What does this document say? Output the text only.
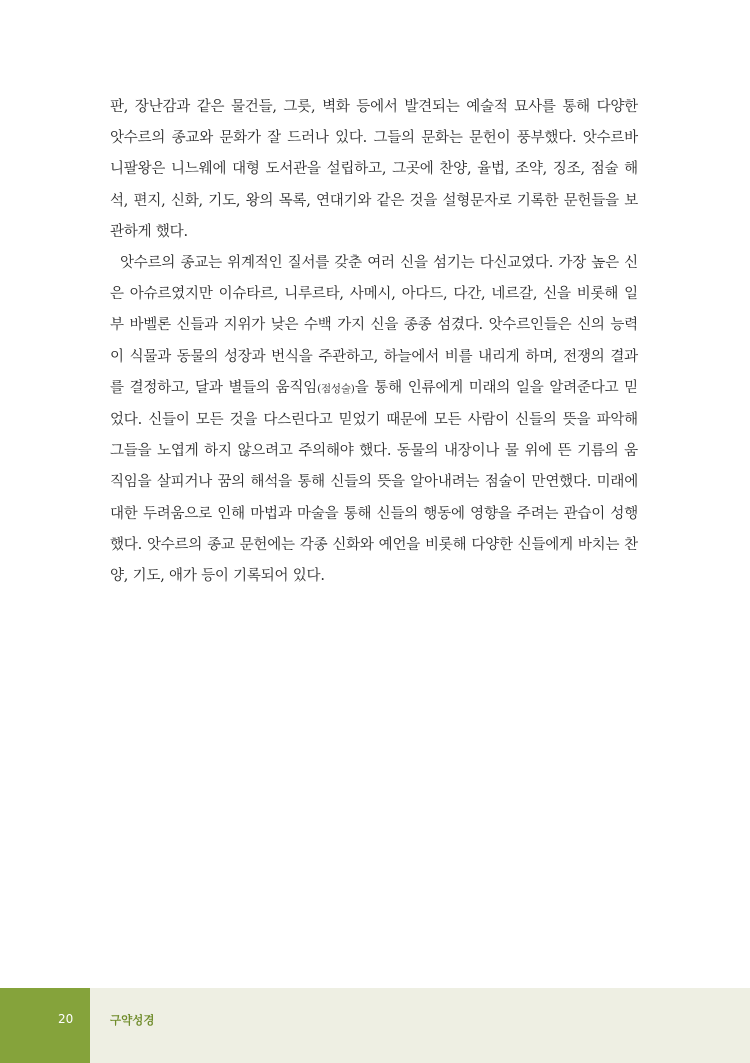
판, 장난감과 같은 물건들, 그릇, 벽화 등에서 발견되는 예술적 묘사를 통해 다양한
앗수르의 종교와 문화가 잘 드러나 있다. 그들의 문화는 문헌이 풍부했다. 앗수르바
니팔왕은 니느웨에 대형 도서관을 설립하고, 그곳에 찬양, 율법, 조약, 징조, 점술 해
석, 편지, 신화, 기도, 왕의 목록, 연대기와 같은 것을 설형문자로 기록한 문헌들을 보
관하게 했다.
앗수르의 종교는 위계적인 질서를 갖춘 여러 신을 섬기는 다신교였다. 가장 높은 신
은 아슈르였지만 이슈타르, 니루르타, 사메시, 아다드, 다간, 네르갈, 신을 비롯해 일
부 바벨론 신들과 지위가 낮은 수백 가지 신을 종종 섬겼다. 앗수르인들은 신의 능력
이 식물과 동물의 성장과 번식을 주관하고, 하늘에서 비를 내리게 하며, 전쟁의 결과
를 결정하고, 달과 별들의 움직임(점성술)을 통해 인류에게 미래의 일을 알려준다고 믿
었다. 신들이 모든 것을 다스린다고 믿었기 때문에 모든 사람이 신들의 뜻을 파악해
그들을 노엽게 하지 않으려고 주의해야 했다. 동물의 내장이나 물 위에 뜬 기름의 움
직임을 살피거나 꿈의 해석을 통해 신들의 뜻을 알아내려는 점술이 만연했다. 미래에
대한 두려움으로 인해 마법과 마술을 통해 신들의 행동에 영향을 주려는 관습이 성행
했다. 앗수르의 종교 문헌에는 각종 신화와 예언을 비롯해 다양한 신들에게 바치는 찬
양, 기도, 애가 등이 기록되어 있다.
20	구약성경
